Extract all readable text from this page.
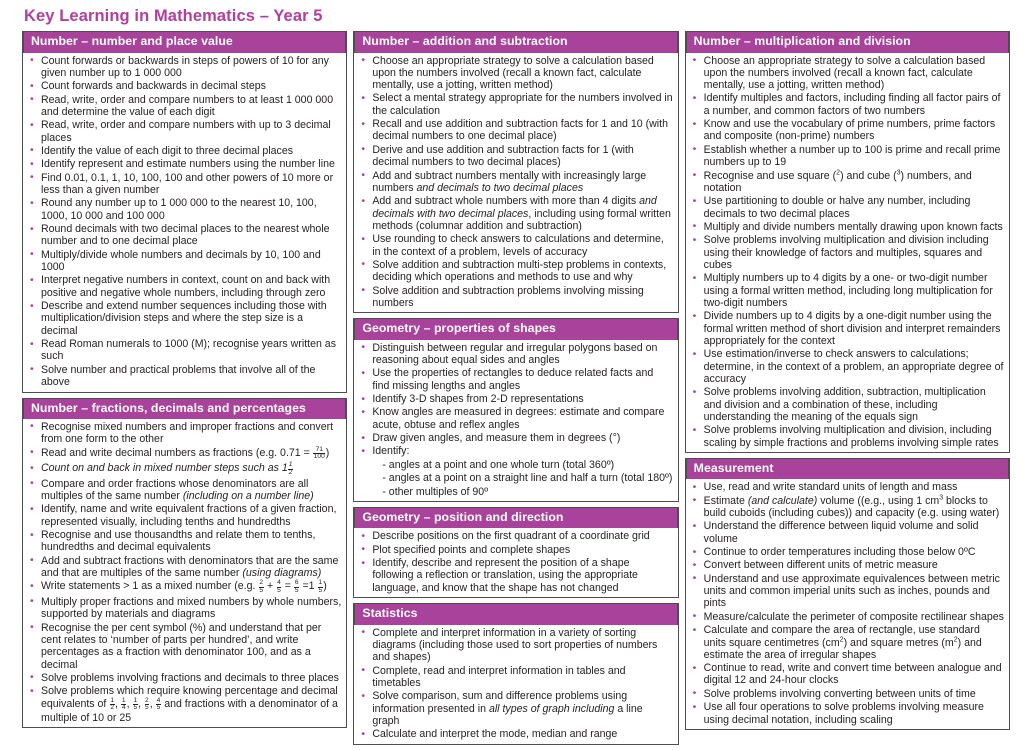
Key Learning in Mathematics – Year 5
Number – number and place value
• Count forwards or backwards in steps of powers of 10 for any given number up to 1 000 000
• Count forwards and backwards in decimal steps
• Read, write, order and compare numbers to at least 1 000 000 and determine the value of each digit
• Read, write, order and compare numbers with up to 3 decimal places
• Identify the value of each digit to three decimal places
• Identify represent and estimate numbers using the number line
• Find 0.01, 0.1, 1, 10, 100, 100 and other powers of 10 more or less than a given number
• Round any number up to 1 000 000 to the nearest 10, 100, 1000, 10 000 and 100 000
• Round decimals with two decimal places to the nearest whole number and to one decimal place
• Multiply/divide whole numbers and decimals by 10, 100 and 1000
• Interpret negative numbers in context, count on and back with positive and negative whole numbers, including through zero
• Describe and extend number sequences including those with multiplication/division steps and where the step size is a decimal
• Read Roman numerals to 1000 (M); recognise years written as such
• Solve number and practical problems that involve all of the above
Number – fractions, decimals and percentages
• Recognise mixed numbers and improper fractions and convert from one form to the other
• Read and write decimal numbers as fractions (e.g. $0.71 = \frac{71}{100}$ )
• Count on and back in mixed number steps such as $1 \frac{1}{2}$
• Compare and order fractions whose denominators are all multiples of the same number (including on a number line)
• Identify, name and write equivalent fractions of a given fraction, represented visually, including tenths and hundredths
• Recognise and use thousandths and relate them to tenths, hundredths and decimal equivalents
• Add and subtract fractions with denominators that are the same and that are multiples of the same number (using diagrams)
• Write statements > 1 as a mixed number (e.g. $\frac{2}{5} + \frac{4}{5} = \frac{6}{5} =1 \frac{1}{5}$ )
• Multiply proper fractions and mixed numbers by whole numbers, supported by materials and diagrams
• Recognise the per cent symbol (%) and understand that per cent relates to ‘number of parts per hundred’, and write percentages as a fraction with denominator 100, and as a decimal
• Solve problems involving fractions and decimals to three places
• Solve problems which require knowing percentage and decimal equivalents of $\frac{1}{2}$ , $\frac{1}{4}$ , $\frac{1}{5}$ , $\frac{2}{5}$ , $\frac{4}{5}$ and fractions with a denominator of a multiple of 10 or 25
Number – addition and subtraction
• Choose an appropriate strategy to solve a calculation based upon the numbers involved (recall a known fact, calculate mentally, use a jotting, written method)
• Select a mental strategy appropriate for the numbers involved in the calculation
• Recall and use addition and subtraction facts for 1 and 10 (with decimal numbers to one decimal place)
• Derive and use addition and subtraction facts for 1 (with decimal numbers to two decimal places)
• Add and subtract numbers mentally with increasingly large numbers and decimals to two decimal places
• Add and subtract whole numbers with more than 4 digits and decimals with two decimal places, including using formal written methods (columnar addition and subtraction)
• Use rounding to check answers to calculations and determine, in the context of a problem, levels of accuracy
• Solve addition and subtraction multi-step problems in contexts, deciding which operations and methods to use and why
• Solve addition and subtraction problems involving missing numbers
Geometry – properties of shapes
• Distinguish between regular and irregular polygons based on reasoning about equal sides and angles
• Use the properties of rectangles to deduce related facts and find missing lengths and angles
• Identify 3-D shapes from 2-D representations
• Know angles are measured in degrees: estimate and compare acute, obtuse and reflex angles
• Draw given angles, and measure them in degrees (°)
• Identify:
- angles at a point and one whole turn (total 360º)
- angles at a point on a straight line and half a turn (total 180º)
- other multiples of 90º
Geometry – position and direction
• Describe positions on the first quadrant of a coordinate grid
• Plot specified points and complete shapes
• Identify, describe and represent the position of a shape following a reflection or translation, using the appropriate language, and know that the shape has not changed
Statistics
• Complete and interpret information in a variety of sorting diagrams (including those used to sort properties of numbers and shapes)
• Complete, read and interpret information in tables and timetables
• Solve comparison, sum and difference problems using information presented in all types of graph including a line graph
• Calculate and interpret the mode, median and range
Number – multiplication and division
• Choose an appropriate strategy to solve a calculation based upon the numbers involved (recall a known fact, calculate mentally, use a jotting, written method)
• Identify multiples and factors, including finding all factor pairs of a number, and common factors of two numbers
• Know and use the vocabulary of prime numbers, prime factors and composite (non-prime) numbers
• Establish whether a number up to 100 is prime and recall prime numbers up to 19
• Recognise and use square ($^2$) and cube ($^3$) numbers, and notation
• Use partitioning to double or halve any number, including decimals to two decimal places
• Multiply and divide numbers mentally drawing upon known facts
• Solve problems involving multiplication and division including using their knowledge of factors and multiples, squares and cubes
• Multiply numbers up to 4 digits by a one- or two-digit number using a formal written method, including long multiplication for two-digit numbers
• Divide numbers up to 4 digits by a one-digit number using the formal written method of short division and interpret remainders appropriately for the context
• Use estimation/inverse to check answers to calculations; determine, in the context of a problem, an appropriate degree of accuracy
• Solve problems involving addition, subtraction, multiplication and division and a combination of these, including understanding the meaning of the equals sign
• Solve problems involving multiplication and division, including scaling by simple fractions and problems involving simple rates
Measurement
• Use, read and write standard units of length and mass
• Estimate (and calculate) volume ((e.g., using 1 $cm^3$ blocks to build cuboids (including cubes)) and capacity (e.g. using water)
• Understand the difference between liquid volume and solid volume
• Continue to order temperatures including those below 0ºC
• Convert between different units of metric measure
• Understand and use approximate equivalences between metric units and common imperial units such as inches, pounds and pints
• Measure/calculate the perimeter of composite rectilinear shapes
• Calculate and compare the area of rectangle, use standard units square centimetres $(cm^2)$ and square metres $(m^2)$ and estimate the area of irregular shapes
• Continue to read, write and convert time between analogue and digital 12 and 24-hour clocks
• Solve problems involving converting between units of time
• Use all four operations to solve problems involving measure using decimal notation, including scaling
